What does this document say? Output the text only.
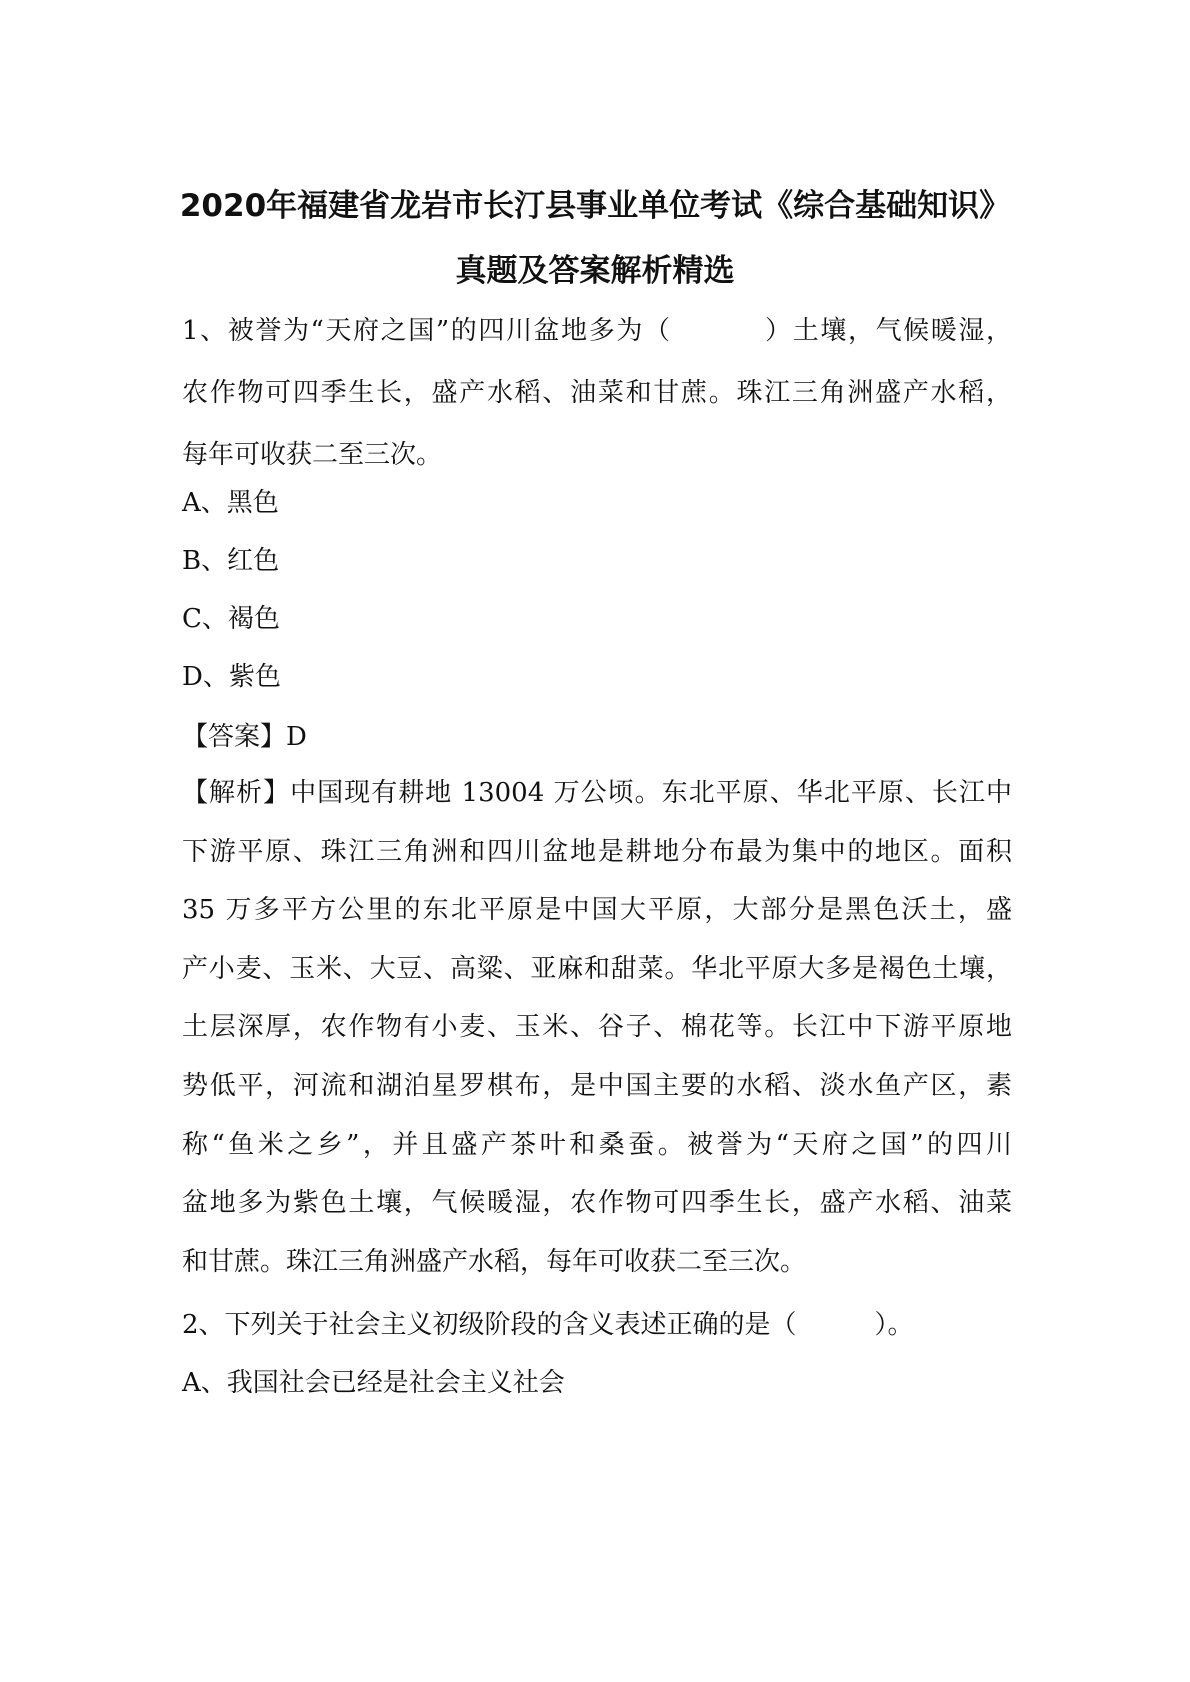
2020年福建省龙岩市长汀县事业单位考试《综合基础知识》
真题及答案解析精选
1、被誉为“天府之国”的四川盆地多为（	）土壤，气候暖湿，
农作物可四季生长，盛产水稻、油菜和甘蔗。珠江三角洲盛产水稻，
每年可收获二至三次。
A、黑色
B、红色
C、褐色
D、紫色
【答案】D
【解析】中国现有耕地 13004 万公顷。东北平原、华北平原、长江中
下游平原、珠江三角洲和四川盆地是耕地分布最为集中的地区。面积
35 万多平方公里的东北平原是中国大平原，大部分是黑色沃土，盛
产小麦、玉米、大豆、高粱、亚麻和甜菜。华北平原大多是褐色土壤，
土层深厚，农作物有小麦、玉米、谷子、棉花等。长江中下游平原地
势低平，河流和湖泊星罗棋布，是中国主要的水稻、淡水鱼产区，素
称“鱼米之乡”，并且盛产茶叶和桑蚕。被誉为“天府之国”的四川
盆地多为紫色土壤，气候暖湿，农作物可四季生长，盛产水稻、油菜
和甘蔗。珠江三角洲盛产水稻，每年可收获二至三次。
2、下列关于社会主义初级阶段的含义表述正确的是（	）。
A、我国社会已经是社会主义社会
